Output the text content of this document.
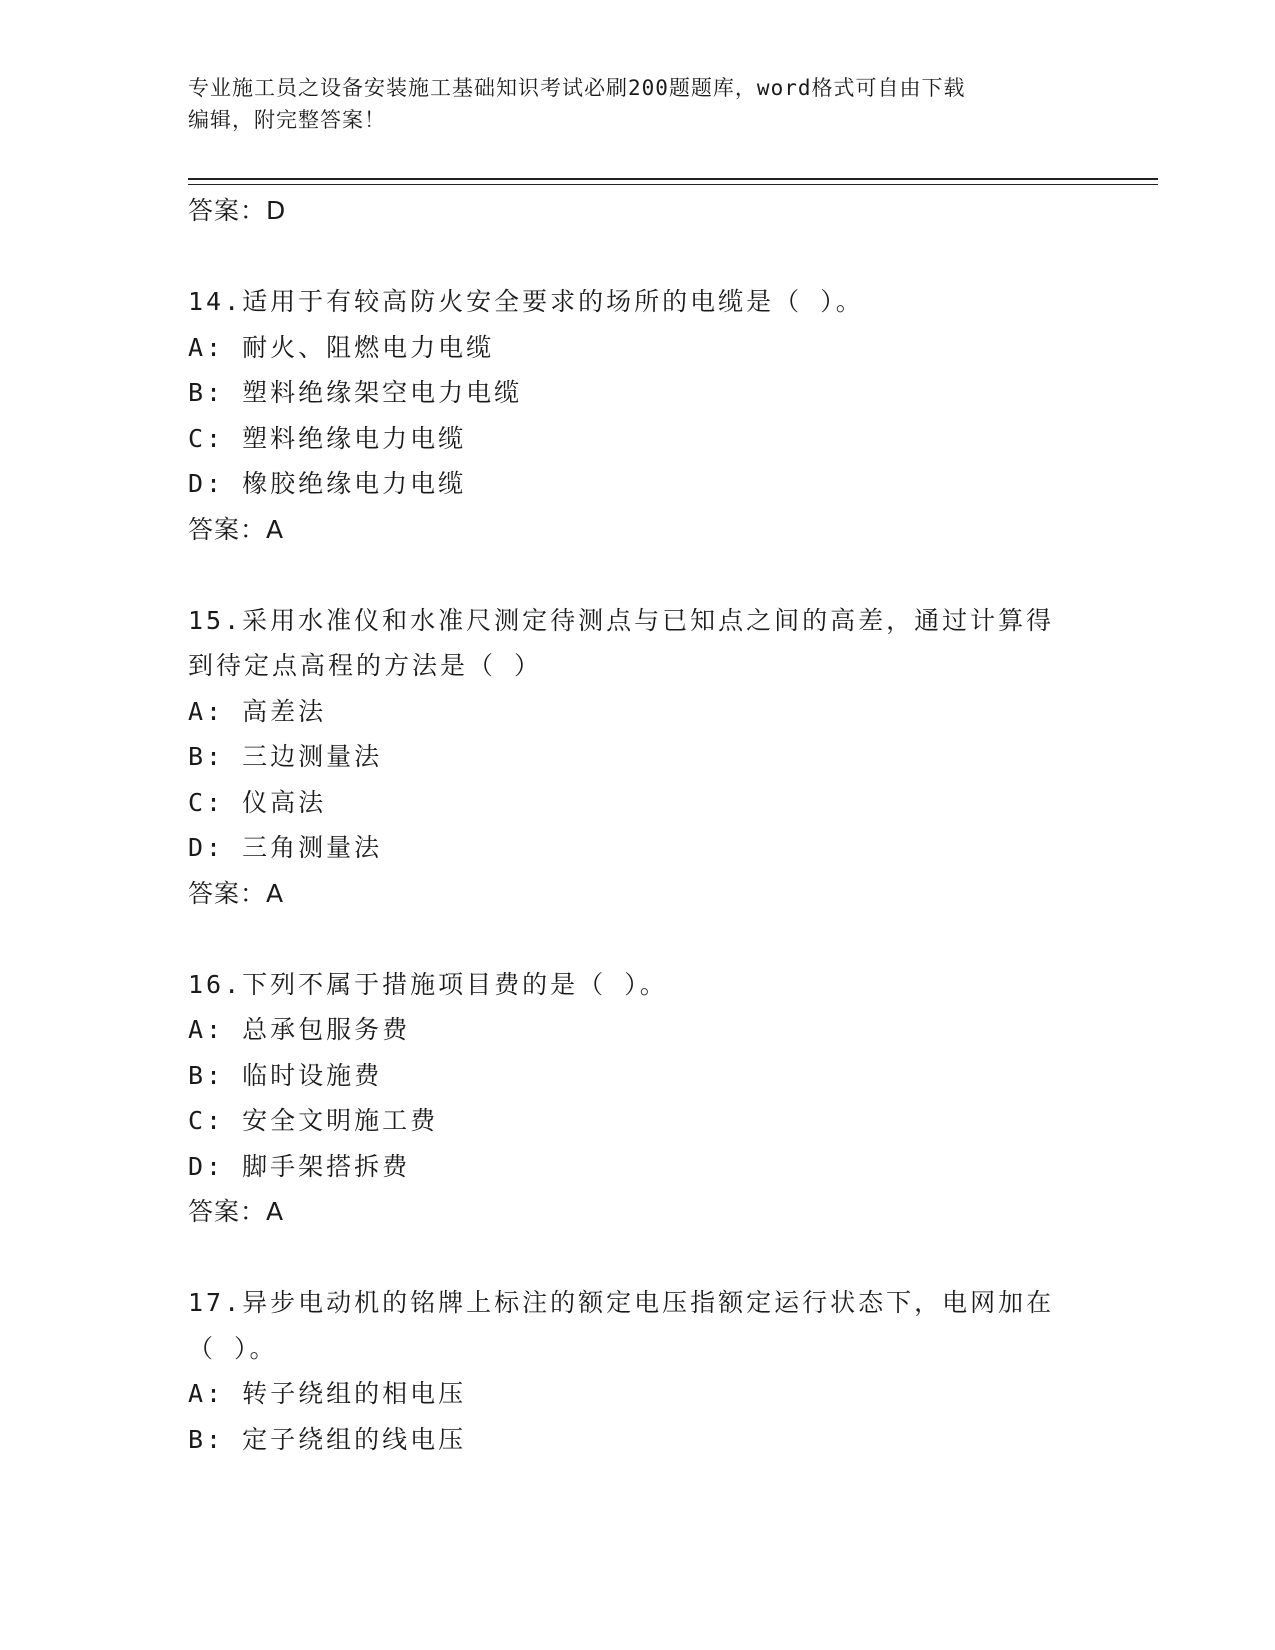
专业施工员之设备安装施工基础知识考试必刷200题题库，word格式可自由下载
编辑，附完整答案！
答案：D
14.适用于有较高防火安全要求的场所的电缆是（ ）。
A: 耐火、阻燃电力电缆
B: 塑料绝缘架空电力电缆
C: 塑料绝缘电力电缆
D: 橡胶绝缘电力电缆
答案：A
15.采用水准仪和水准尺测定待测点与已知点之间的高差，通过计算得
到待定点高程的方法是（ ）
A: 高差法
B: 三边测量法
C: 仪高法
D: 三角测量法
答案：A
16.下列不属于措施项目费的是（ ）。
A: 总承包服务费
B: 临时设施费
C: 安全文明施工费
D: 脚手架搭拆费
答案：A
17.异步电动机的铭牌上标注的额定电压指额定运行状态下，电网加在
（ ）。
A: 转子绕组的相电压
B: 定子绕组的线电压
